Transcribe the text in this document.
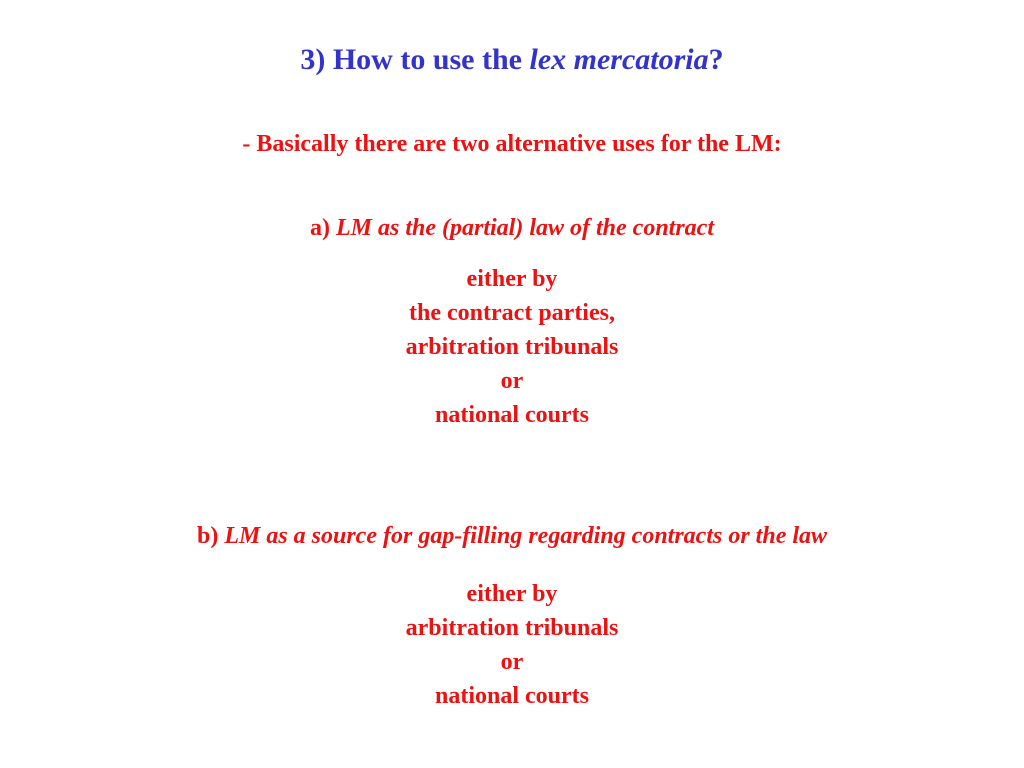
3) How to use the lex mercatoria?
- Basically there are two alternative uses for the LM:
a) LM as the (partial) law of the contract
either by
the contract parties,
arbitration tribunals
or
national courts
b) LM as a source for gap-filling regarding contracts or the law
either by
arbitration tribunals
or
national courts
